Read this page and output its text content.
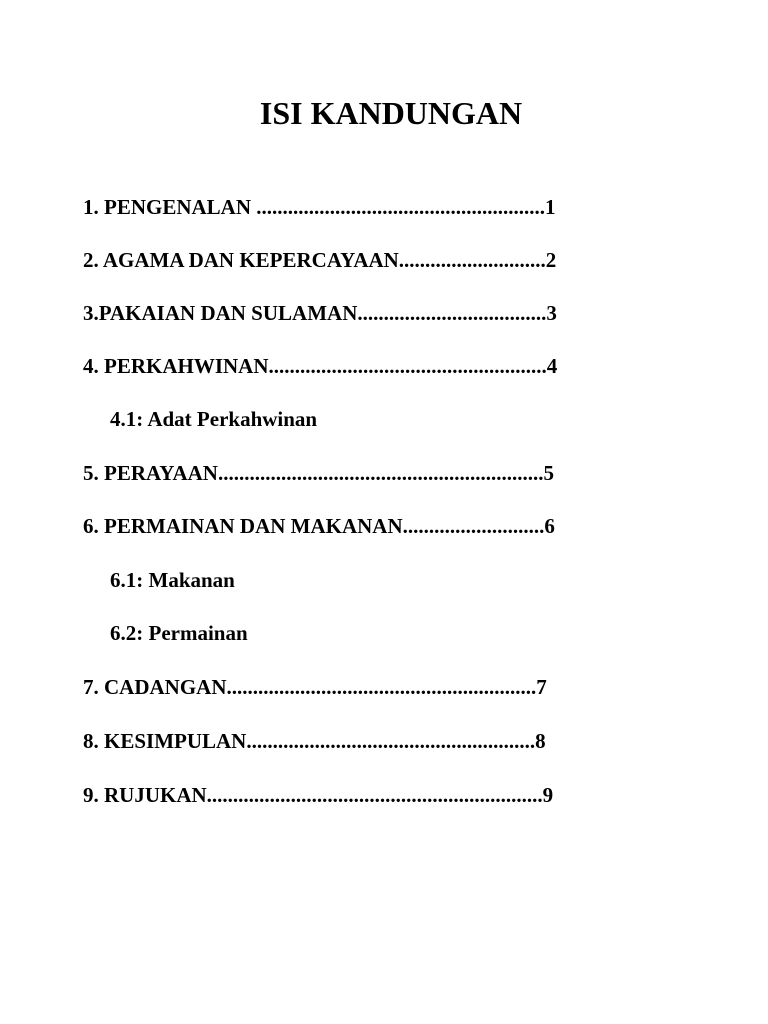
ISI KANDUNGAN
1. PENGENALAN .......................................................1
2. AGAMA DAN KEPERCAYAAN............................2
3.PAKAIAN DAN SULAMAN....................................3
4. PERKAHWINAN.....................................................4
4.1: Adat Perkahwinan
5. PERAYAAN..............................................................5
6. PERMAINAN DAN MAKANAN...........................6
6.1: Makanan
6.2: Permainan
7. CADANGAN...........................................................7
8. KESIMPULAN.......................................................8
9. RUJUKAN................................................................9
